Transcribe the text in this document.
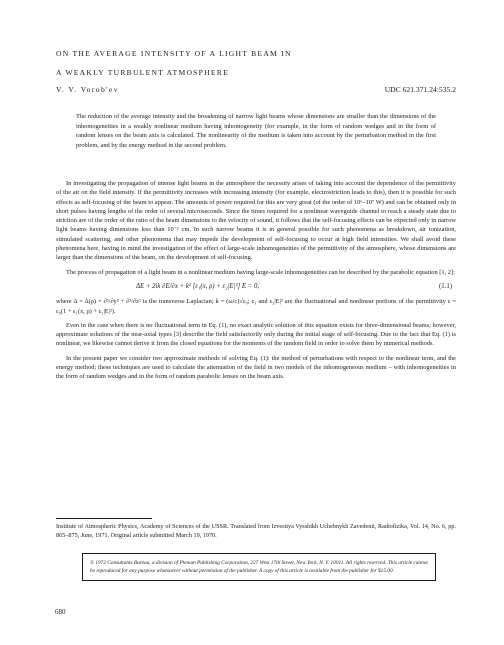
ON THE AVERAGE INTENSITY OF A LIGHT BEAM IN
A WEAKLY TURBULENT ATMOSPHERE
V. V. Vorob'ev	UDC 621.371.24:535.2

The reduction of the average intensity and the broadening of narrow light beams whose dimensions are smaller than the dimensions of the inhomogeneities in a weakly nonlinear medium having inhomogeneity (for example, in the form of random wedges and in the form of random lenses on the beam axis is calculated. The nonlinearity of the medium is taken into account by the perturbation method in the first problem, and by the energy method in the second problem.

In investigating the propagation of intense light beams in the atmosphere the necessity arises of taking into account the dependence of the permittivity of the air on the field intensity. If the permittivity increases with increasing intensity (for example, electrostriction leads to this), then it is possible for such effects as self-focusing of the beam to appear. The amounts of power required for this are very great (of the order of 10⁶–10⁷ W) and can be obtained only in short pulses having lengths of the order of several microseconds. Since the times required for a nonlinear waveguide channel to reach a steady state due to striction are of the order of the ratio of the beam dimensions to the velocity of sound, it follows that the self-focusing effects can be expected only in narrow light beams having dimensions less than 10⁻¹ cm. In such narrow beams it is in general possible for such phenomena as breakdown, air ionization, stimulated scattering, and other phenomena that may impede the development of self-focusing to occur at high field intensities. We shall avoid these phenomena here, having in mind the investigation of the effect of large-scale inhomogeneities of the permittivity of the atmosphere, whose dimensions are larger than the dimensions of the beam, on the development of self-focusing.

The process of propagation of a light beam in a nonlinear medium having large-scale inhomogeneities can be described by the parabolic equation [1, 2]:

ΔE + 2ik ∂E/∂x + k² [ε₁(x, ρ) + ε₂|E|²] E = 0,	(1.1)

where Δ = Δ(ρ) = ∂²/∂y² + ∂²/∂z² is the transverse Laplacian; k = (ω/c)√ε₀; ε₁ and ε₂|E|² are the fluctuational and nonlinear portions of the permittivity ε = ε₀(1 + ε₁(x, ρ) + ε₂|E|²).

Even in the case when there is no fluctuational term in Eq. (1), no exact analytic solution of this equation exists for three-dimensional beams; however, approximate solutions of the near-axial types [3] describe the field satisfactorily only during the initial stage of self-focusing. Due to the fact that Eq. (1) is nonlinear, we likewise cannot derive it from the closed equations for the moments of the random field in order to solve them by numerical methods.

In the present paper we consider two approximate methods of solving Eq. (1): the method of perturbations with respect to the nonlinear term, and the energy method; these techniques are used to calculate the attenuation of the field in two models of the inhomogeneous medium – with inhomogeneities in the form of random wedges and in the form of random parabolic lenses on the beam axis.

Institute of Atmospheric Physics, Academy of Sciences of the USSR. Translated from Izvestiya Vysshikh Uchebnykh Zavedenii, Radiofizika, Vol. 14, No. 6, pp. 865–875, June, 1971. Original article submitted March 19, 1970.

© 1972 Consultants Bureau, a division of Plenum Publishing Corporation, 227 West 17th Street, New York, N. Y. 10011. All rights reserved. This article cannot be reproduced for any purpose whatsoever without permission of the publisher. A copy of this article is available from the publisher for $15.00.

680
